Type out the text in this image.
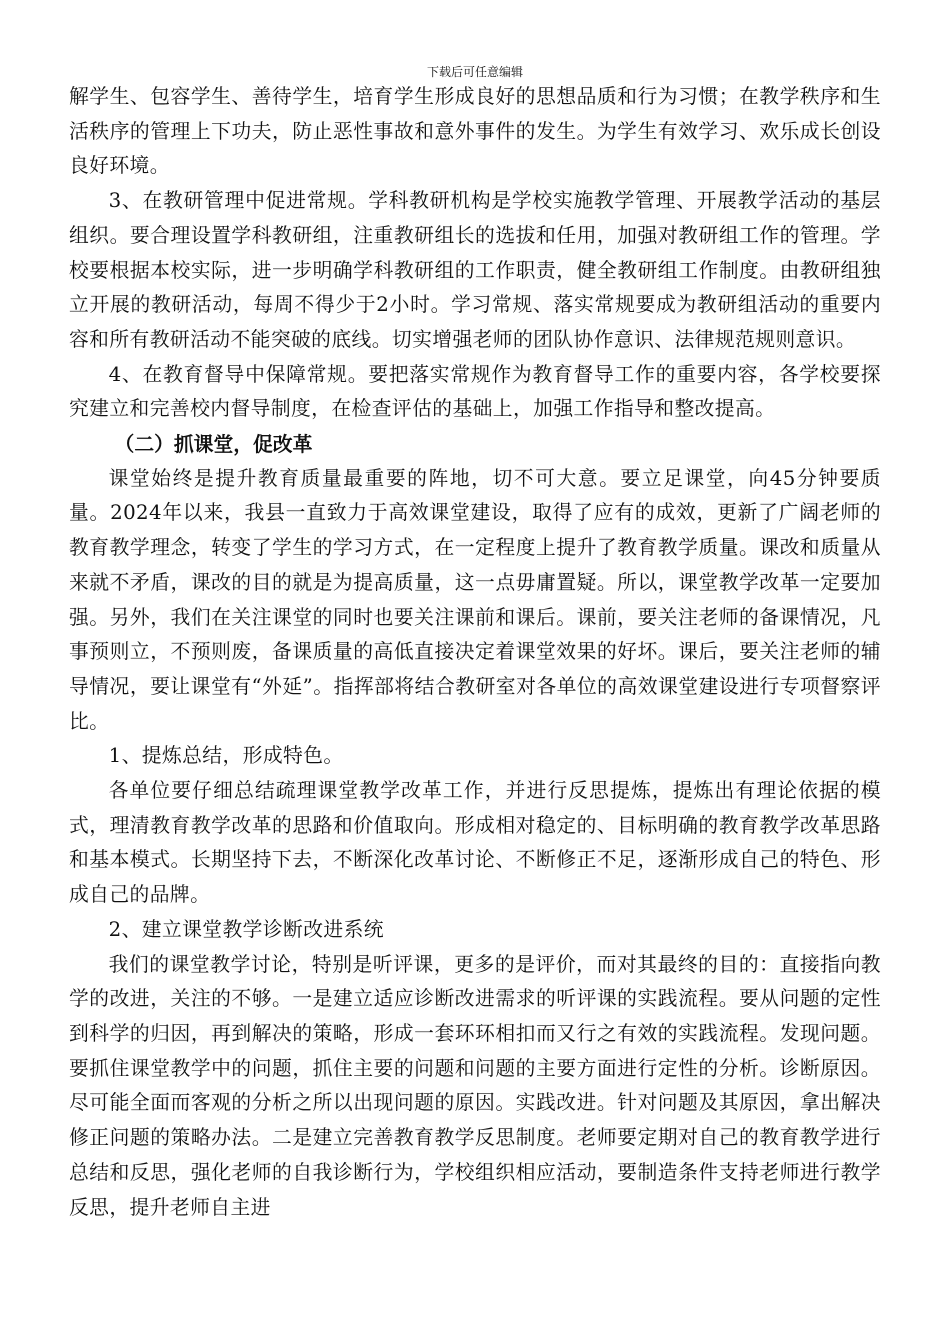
下载后可任意编辑

解学生、包容学生、善待学生，培育学生形成良好的思想品质和行为习惯；在教学秩序和生活秩序的管理上下功夫，防止恶性事故和意外事件的发生。为学生有效学习、欢乐成长创设良好环境。

3、在教研管理中促进常规。学科教研机构是学校实施教学管理、开展教学活动的基层组织。要合理设置学科教研组，注重教研组长的选拔和任用，加强对教研组工作的管理。学校要根据本校实际，进一步明确学科教研组的工作职责，健全教研组工作制度。由教研组独立开展的教研活动，每周不得少于2小时。学习常规、落实常规要成为教研组活动的重要内容和所有教研活动不能突破的底线。切实增强老师的团队协作意识、法律规范规则意识。

4、在教育督导中保障常规。要把落实常规作为教育督导工作的重要内容，各学校要探究建立和完善校内督导制度，在检查评估的基础上，加强工作指导和整改提高。

（二）抓课堂，促改革

课堂始终是提升教育质量最重要的阵地，切不可大意。要立足课堂，向45分钟要质量。2024年以来，我县一直致力于高效课堂建设，取得了应有的成效，更新了广阔老师的教育教学理念，转变了学生的学习方式，在一定程度上提升了教育教学质量。课改和质量从来就不矛盾，课改的目的就是为提高质量，这一点毋庸置疑。所以，课堂教学改革一定要加强。另外，我们在关注课堂的同时也要关注课前和课后。课前，要关注老师的备课情况，凡事预则立，不预则废，备课质量的高低直接决定着课堂效果的好坏。课后，要关注老师的辅导情况，要让课堂有“外延”。指挥部将结合教研室对各单位的高效课堂建设进行专项督察评比。

1、提炼总结，形成特色。

各单位要仔细总结疏理课堂教学改革工作，并进行反思提炼，提炼出有理论依据的模式，理清教育教学改革的思路和价值取向。形成相对稳定的、目标明确的教育教学改革思路和基本模式。长期坚持下去，不断深化改革讨论、不断修正不足，逐渐形成自己的特色、形成自己的品牌。

2、建立课堂教学诊断改进系统

我们的课堂教学讨论，特别是听评课，更多的是评价，而对其最终的目的：直接指向教学的改进，关注的不够。一是建立适应诊断改进需求的听评课的实践流程。要从问题的定性到科学的归因，再到解决的策略，形成一套环环相扣而又行之有效的实践流程。发现问题。要抓住课堂教学中的问题，抓住主要的问题和问题的主要方面进行定性的分析。诊断原因。尽可能全面而客观的分析之所以出现问题的原因。实践改进。针对问题及其原因，拿出解决修正问题的策略办法。二是建立完善教育教学反思制度。老师要定期对自己的教育教学进行总结和反思，强化老师的自我诊断行为，学校组织相应活动，要制造条件支持老师进行教学反思，提升老师自主进
